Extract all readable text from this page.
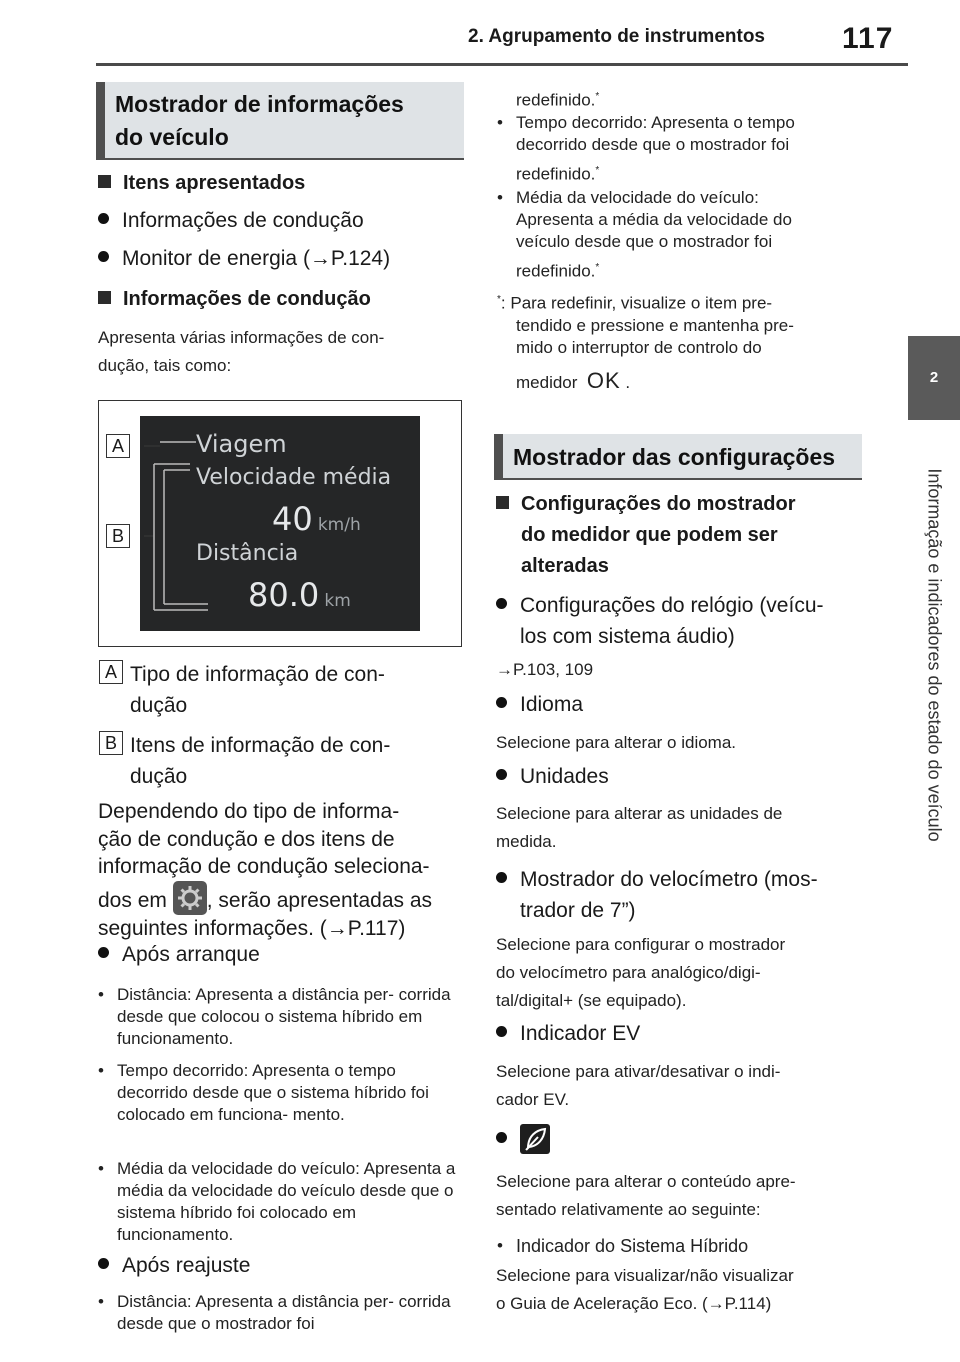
2. Agrupamento de instrumentos	117
2
Informação e indicadores do estado do veículo
Mostrador de informações
do veículo
Itens apresentados
Informações de condução
Monitor de energia (→P.124)
Informações de condução
Apresenta várias informações de con-
dução, tais como:
A
B
Viagem
Velocidade média
40 km/h
Distância
80.0 km
A Tipo de informação de con-
dução
B Itens de informação de con-
dução
Dependendo do tipo de informa-
ção de condução e dos itens de
informação de condução seleciona-
dos em , serão apresentadas as
seguintes informações. (→P.117)
Após arranque
• Distância: Apresenta a distância per- corrida desde que colocou o sistema híbrido em funcionamento.
• Tempo decorrido: Apresenta o tempo decorrido desde que o sistema híbrido foi colocado em funciona- mento.
• Média da velocidade do veículo: Apresenta a média da velocidade do veículo desde que o sistema híbrido foi colocado em funcionamento.
Após reajuste
• Distância: Apresenta a distância per- corrida desde que o mostrador foi
redefinido.*
• Tempo decorrido: Apresenta o tempo
decorrido desde que o mostrador foi
redefinido.*
• Média da velocidade do veículo:
Apresenta a média da velocidade do
veículo desde que o mostrador foi
redefinido.*
*: Para redefinir, visualize o item pre-
tendido e pressione e mantenha pre-
mido o interruptor de controlo do
medidor OK .
Mostrador das configurações
Configurações do mostrador
do medidor que podem ser
alteradas
Configurações do relógio (veícu-
los com sistema áudio)
→P.103, 109
Idioma
Selecione para alterar o idioma.
Unidades
Selecione para alterar as unidades de
medida.
Mostrador do velocímetro (mos-
trador de 7”)
Selecione para configurar o mostrador
do velocímetro para analógico/digi-
tal/digital+ (se equipado).
Indicador EV
Selecione para ativar/desativar o indi-
cador EV.
Selecione para alterar o conteúdo apre-
sentado relativamente ao seguinte:
• Indicador do Sistema Híbrido
Selecione para visualizar/não visualizar
o Guia de Aceleração Eco. (→P.114)
